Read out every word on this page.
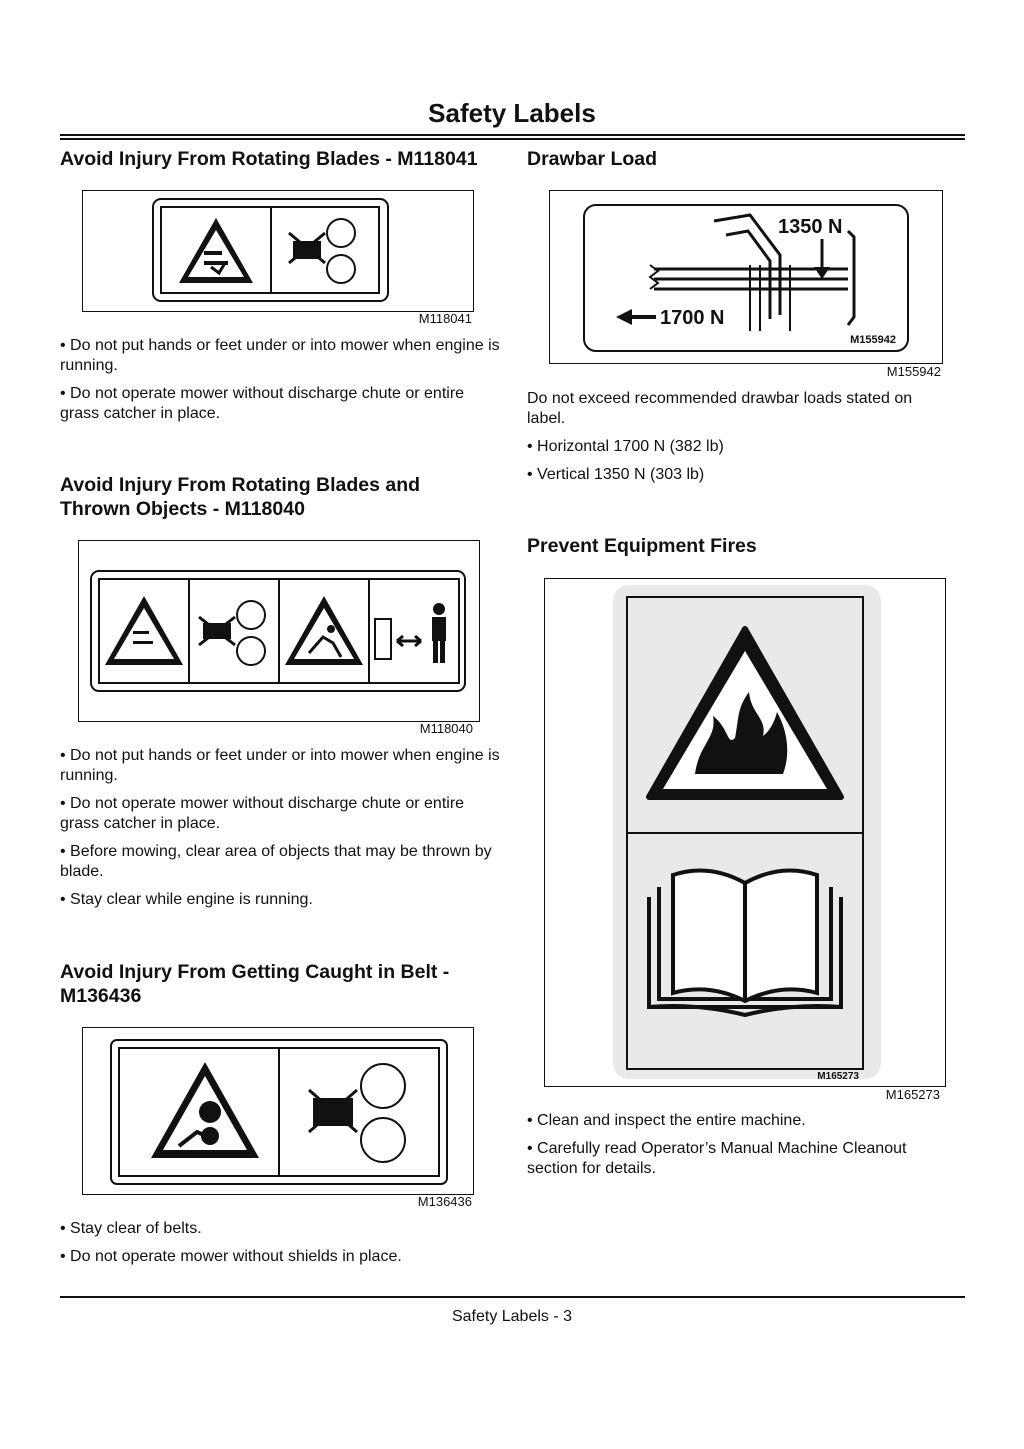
Safety Labels
Avoid Injury From Rotating Blades - M118041
M118041
• Do not put hands or feet under or into mower when engine is running.
• Do not operate mower without discharge chute or entire grass catcher in place.
Avoid Injury From Rotating Blades and
Thrown Objects - M118040
M118040
• Do not put hands or feet under or into mower when engine is running.
• Do not operate mower without discharge chute or entire grass catcher in place.
• Before mowing, clear area of objects that may be thrown by blade.
• Stay clear while engine is running.
Avoid Injury From Getting Caught in Belt -
M136436
M136436
• Stay clear of belts.
• Do not operate mower without shields in place.
Drawbar Load
1350 N
1700 N
M155942
M155942

Do not exceed recommended drawbar loads stated on label.

• Horizontal 1700 N (382 lb)
• Vertical 1350 N (303 lb)
Prevent Equipment Fires
M165273
M165273
• Clean and inspect the entire machine.
• Carefully read Operator’s Manual Machine Cleanout section for details.
Safety Labels - 3
